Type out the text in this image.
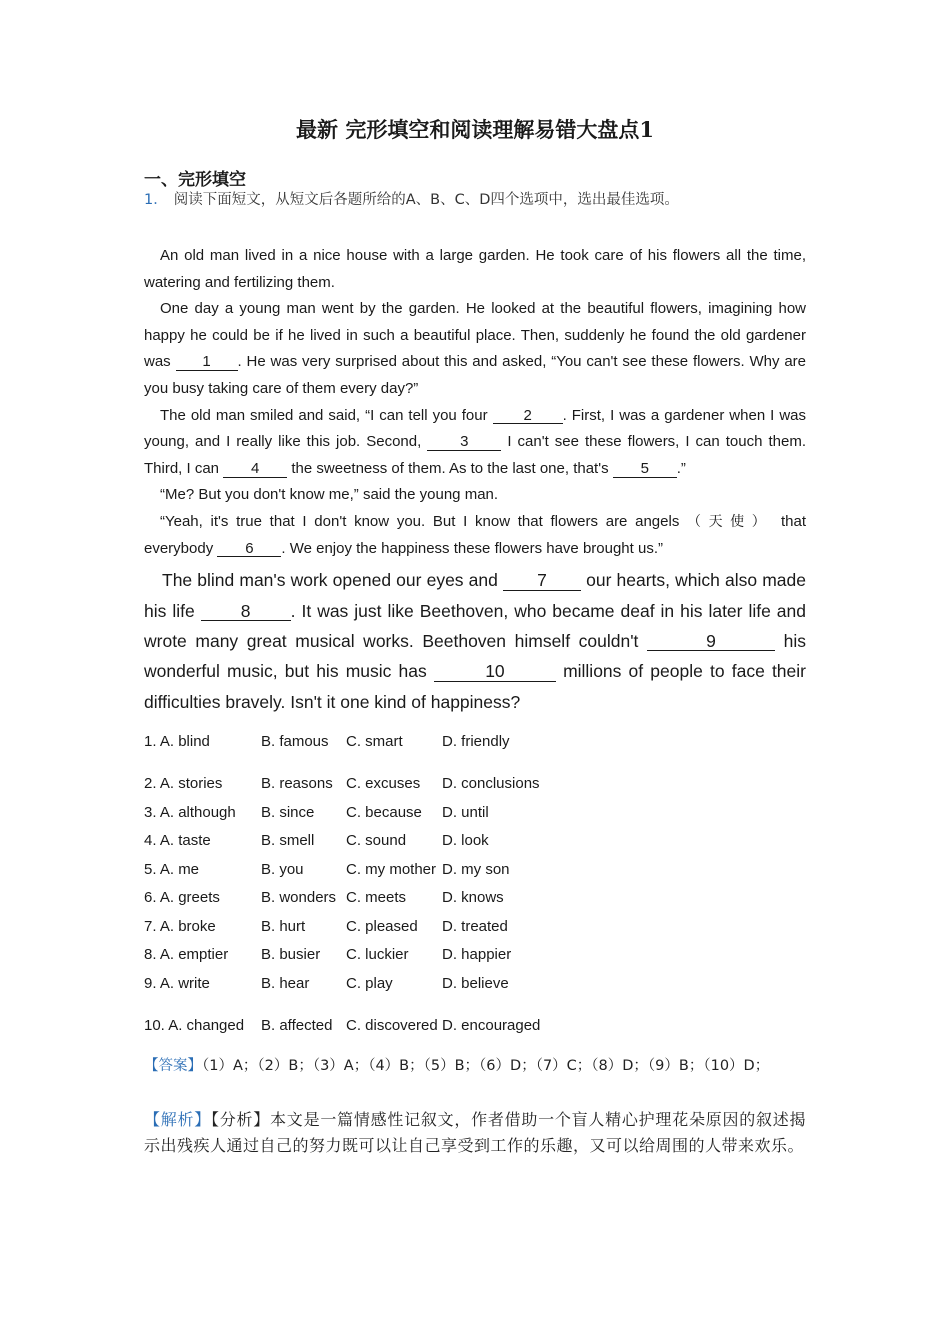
最新 完形填空和阅读理解易错大盘点1
一、完形填空
1． 阅读下面短文，从短文后各题所给的A、B、C、D四个选项中，选出最佳选项。

An old man lived in a nice house with a large garden. He took care of his flowers all the time, watering and fertilizing them.

One day a young man went by the garden. He looked at the beautiful flowers, imagining how happy he could be if he lived in such a beautiful place. Then, suddenly he found the old gardener was 1 . He was very surprised about this and asked, “You can't see these flowers. Why are you busy taking care of them every day?”

The old man smiled and said, “I can tell you four 2 . First, I was a gardener when I was young, and I really like this job. Second, 3 I can't see these flowers, I can touch them. Third, I can 4 the sweetness of them. As to the last one, that's 5 .”

“Me? But you don't know me,” said the young man.

“Yeah, it's true that I don't know you. But I know that flowers are angels （天使） that everybody 6 . We enjoy the happiness these flowers have brought us.”

The blind man's work opened our eyes and 7 our hearts, which also made his life 8 . It was just like Beethoven, who became deaf in his later life and wrote many great musical works. Beethoven himself couldn't	9	his wonderful music, but his music has	10	millions of people to face their difficulties bravely. Isn't it one kind of happiness?

1. A. blind	B. famous	C. smart	D. friendly
2. A. stories	B. reasons	C. excuses	D. conclusions
3. A. although	B. since	C. because	D. until
4. A. taste	B. smell	C. sound	D. look
5. A. me	B. you	C. my mother	D. my son
6. A. greets	B. wonders	C. meets	D. knows
7. A. broke	B. hurt	C. pleased	D. treated
8. A. emptier	B. busier	C. luckier	D. happier
9. A. write	B. hear	C. play	D. believe
10. A. changed	B. affected	C. discovered	D. encouraged
【答案】（1）A；（2）B；（3）A；（4）B；（5）B；（6）D；（7）C；（8）D；（9）B；（10）D；
【解析】【分析】本文是一篇情感性记叙文，作者借助一个盲人精心护理花朵原因的叙述揭示出残疾人通过自己的努力既可以让自己享受到工作的乐趣，又可以给周围的人带来欢乐。
